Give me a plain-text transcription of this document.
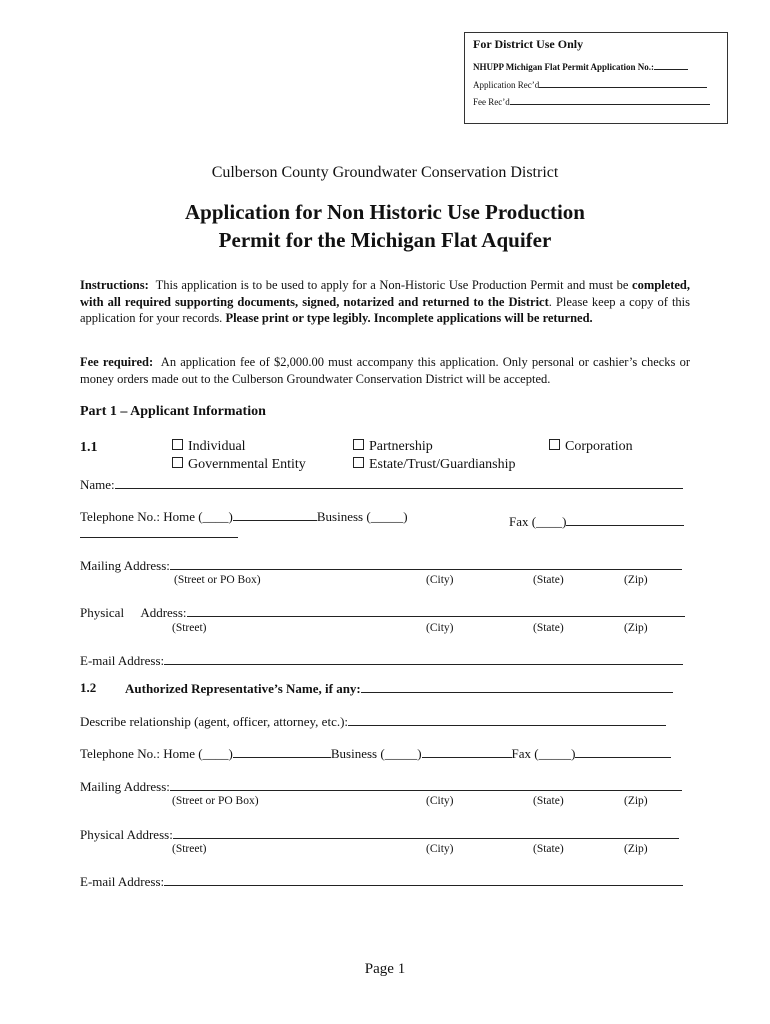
For District Use Only
NHUPP Michigan Flat Permit Application No.:
Application Rec’d
Fee Rec’d
Culberson County Groundwater Conservation District
Application for Non Historic Use Production
Permit for the Michigan Flat Aquifer
Instructions: This application is to be used to apply for a Non-Historic Use Production Permit and must be completed, with all required supporting documents, signed, notarized and returned to the District. Please keep a copy of this application for your records. Please print or type legibly. Incomplete applications will be returned.
Fee required: An application fee of $2,000.00 must accompany this application. Only personal or cashier’s checks or money orders made out to the Culberson Groundwater Conservation District will be accepted.
Part 1 – Applicant Information
1.1	Individual	Partnership	Corporation
Governmental Entity	Estate/Trust/Guardianship
Name:
Telephone No.: Home (____)	Business (_____)	Fax (____)
Mailing Address:
(Street or PO Box)	(City)	(State)	(Zip)
Physical Address:
(Street)	(City)	(State)	(Zip)
E-mail Address:
1.2 Authorized Representative’s Name, if any:
Describe relationship (agent, officer, attorney, etc.):
Telephone No.: Home (____)	Business (_____)	Fax (_____)
Mailing Address:
(Street or PO Box)	(City)	(State)	(Zip)
Physical Address:
(Street)	(City)	(State)	(Zip)
E-mail Address:
Page 1
